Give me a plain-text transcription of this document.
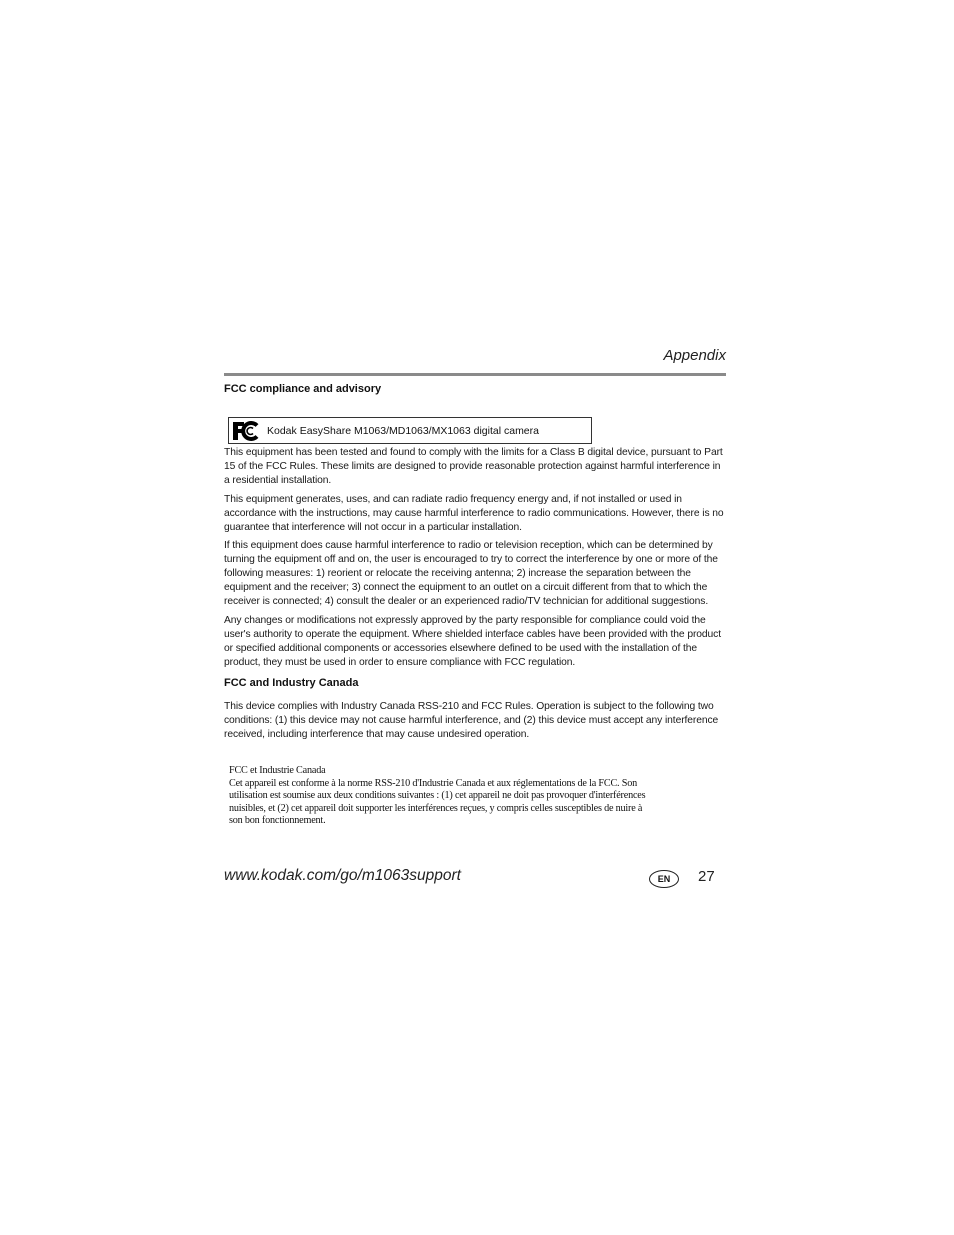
Appendix
FCC compliance and advisory
Kodak EasyShare M1063/MD1063/MX1063 digital camera
This equipment has been tested and found to comply with the limits for a Class B digital device, pursuant to Part 15 of the FCC Rules. These limits are designed to provide reasonable protection against harmful interference in a residential installation.
This equipment generates, uses, and can radiate radio frequency energy and, if not installed or used in accordance with the instructions, may cause harmful interference to radio communications. However, there is no guarantee that interference will not occur in a particular installation.
If this equipment does cause harmful interference to radio or television reception, which can be determined by turning the equipment off and on, the user is encouraged to try to correct the interference by one or more of the following measures: 1) reorient or relocate the receiving antenna; 2) increase the separation between the equipment and the receiver; 3) connect the equipment to an outlet on a circuit different from that to which the receiver is connected; 4) consult the dealer or an experienced radio/TV technician for additional suggestions.
Any changes or modifications not expressly approved by the party responsible for compliance could void the user's authority to operate the equipment. Where shielded interface cables have been provided with the product or specified additional components or accessories elsewhere defined to be used with the installation of the product, they must be used in order to ensure compliance with FCC regulation.
FCC and Industry Canada
This device complies with Industry Canada RSS-210 and FCC Rules. Operation is subject to the following two conditions: (1) this device may not cause harmful interference, and (2) this device must accept any interference received, including interference that may cause undesired operation.
FCC et Industrie Canada
Cet appareil est conforme à la norme RSS-210 d'Industrie Canada et aux réglementations de la FCC. Son
utilisation est soumise aux deux conditions suivantes : (1) cet appareil ne doit pas provoquer d'interférences
nuisibles, et (2) cet appareil doit supporter les interférences reçues, y compris celles susceptibles de nuire à
son bon fonctionnement.
www.kodak.com/go/m1063support	EN	27
